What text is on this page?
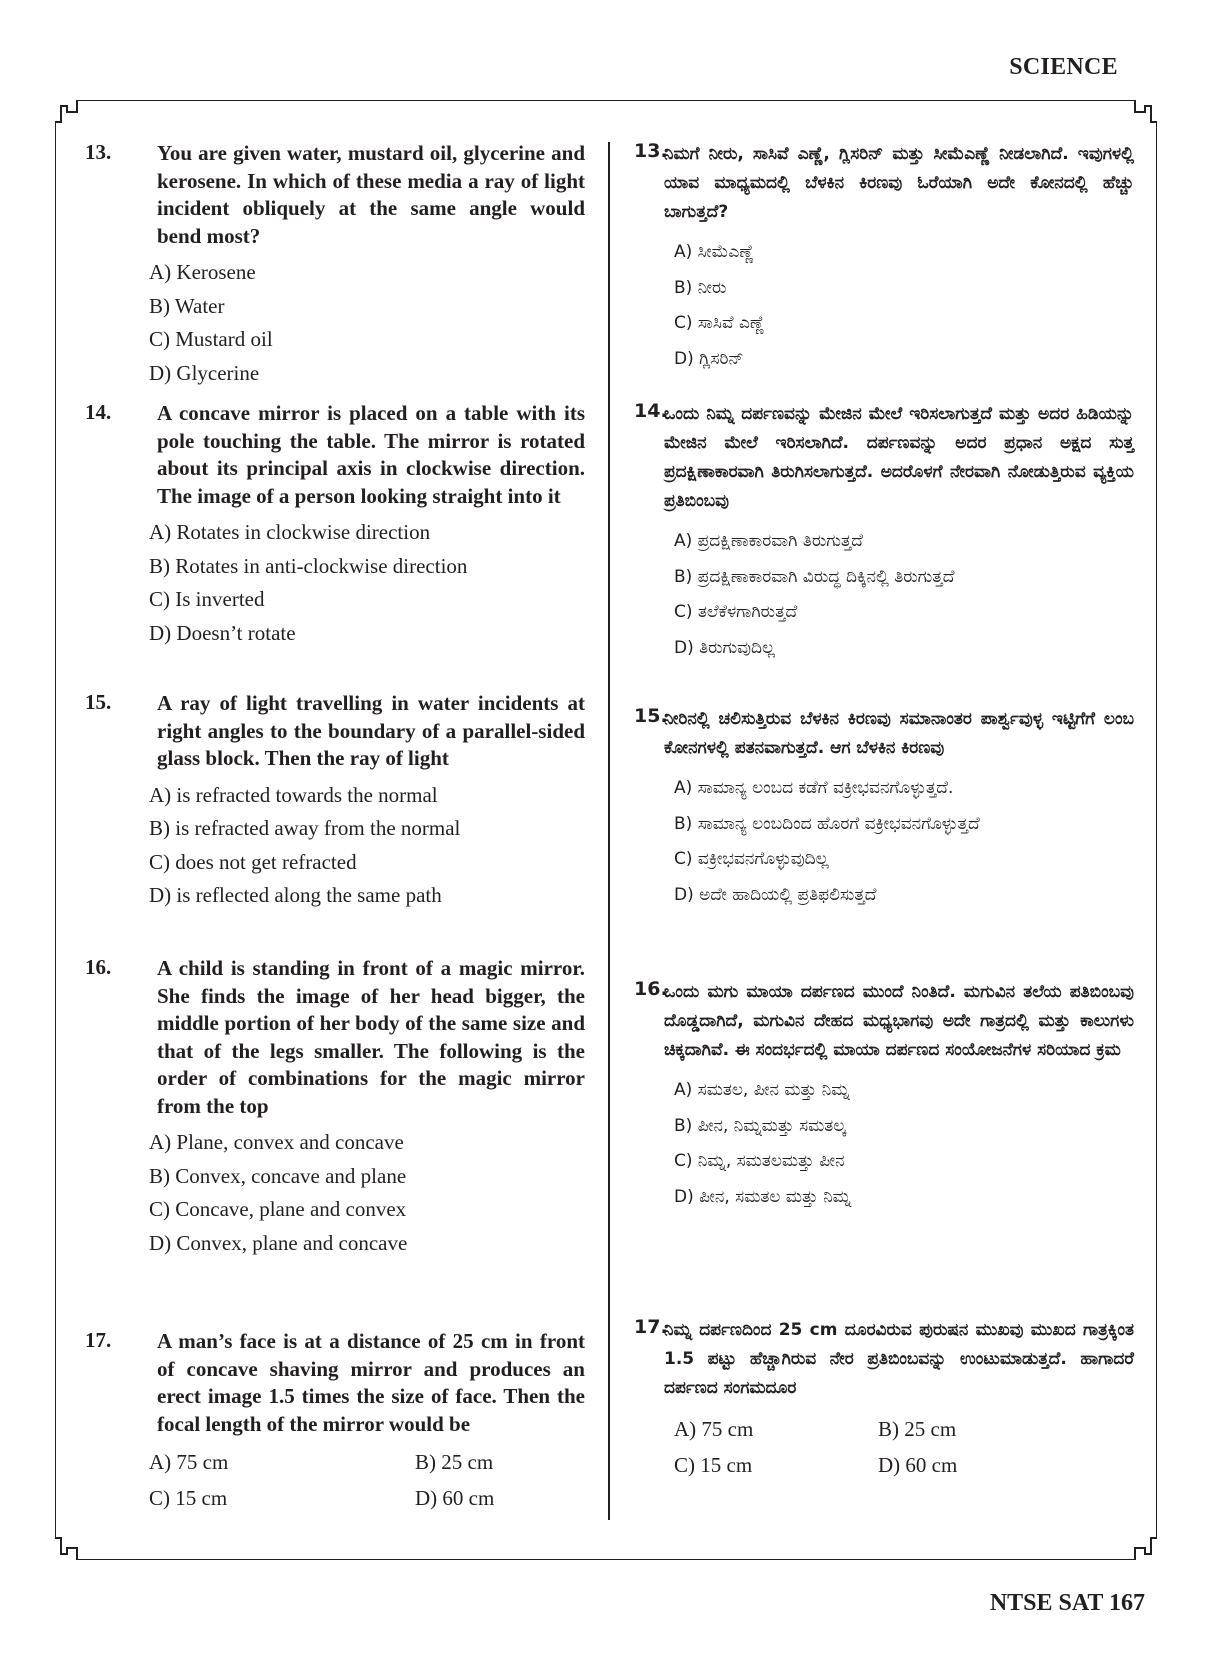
SCIENCE
13. You are given water, mustard oil, glycerine and kerosene. In which of these media a ray of light incident obliquely at the same angle would bend most?
A) Kerosene
B) Water
C) Mustard oil
D) Glycerine
14. A concave mirror is placed on a table with its pole touching the table. The mirror is rotated about its principal axis in clockwise direction. The image of a person looking straight into it
A) Rotates in clockwise direction
B) Rotates in anti-clockwise direction
C) Is inverted
D) Doesn’t rotate
15. A ray of light travelling in water incidents at right angles to the boundary of a parallel-sided glass block. Then the ray of light
A) is refracted towards the normal
B) is refracted away from the normal
C) does not get refracted
D) is reflected along the same path
16. A child is standing in front of a magic mirror. She finds the image of her head bigger, the middle portion of her body of the same size and that of the legs smaller. The following is the order of combinations for the magic mirror from the top
A) Plane, convex and concave
B) Convex, concave and plane
C) Concave, plane and convex
D) Convex, plane and concave
17. A man’s face is at a distance of 25 cm in front of concave shaving mirror and produces an erect image 1.5 times the size of face. Then the focal length of the mirror would be
A) 75 cm	B) 25 cm
C) 15 cm	D) 60 cm
13.
ನಿಮಗೆ ನೀರು, ಸಾಸಿವೆ ಎಣ್ಣೆ, ಗ್ಲಿಸರಿನ್ ಮತ್ತು ಸೀಮೆಎಣ್ಣೆ ನೀಡಲಾಗಿದೆ. ಇವುಗಳಲ್ಲಿ ಯಾವ ಮಾಧ್ಯಮದಲ್ಲಿ ಬೆಳಕಿನ ಕಿರಣವು ಓರೆಯಾಗಿ ಅದೇ ಕೋನದಲ್ಲಿ ಹೆಚ್ಚು ಬಾಗುತ್ತದೆ?
A) ಸೀಮೆಎಣ್ಣೆ
B) ನೀರು
C) ಸಾಸಿವೆ ಎಣ್ಣೆ
D) ಗ್ಲಿಸರಿನ್
14.
ಒಂದು ನಿಮ್ನ ದರ್ಪಣವನ್ನು ಮೇಜಿನ ಮೇಲೆ ಇರಿಸಲಾಗುತ್ತದೆ ಮತ್ತು ಅದರ ಹಿಡಿಯನ್ನು ಮೇಜಿನ ಮೇಲೆ ಇರಿಸಲಾಗಿದೆ. ದರ್ಪಣವನ್ನು ಅದರ ಪ್ರಧಾನ ಅಕ್ಷದ ಸುತ್ತ ಪ್ರದಕ್ಷಿಣಾಕಾರವಾಗಿ ತಿರುಗಿಸಲಾಗುತ್ತದೆ. ಅದರೊಳಗೆ ನೇರವಾಗಿ ನೋಡುತ್ತಿರುವ ವ್ಯಕ್ತಿಯ ಪ್ರತಿಬಿಂಬವು
A) ಪ್ರದಕ್ಷಿಣಾಕಾರವಾಗಿ ತಿರುಗುತ್ತದೆ
B) ಪ್ರದಕ್ಷಿಣಾಕಾರವಾಗಿ ವಿರುದ್ಧ ದಿಕ್ಕಿನಲ್ಲಿ ತಿರುಗುತ್ತದೆ
C) ತಲೆಕೆಳಗಾಗಿರುತ್ತದೆ
D) ತಿರುಗುವುದಿಲ್ಲ
15.
ನೀರಿನಲ್ಲಿ ಚಲಿಸುತ್ತಿರುವ ಬೆಳಕಿನ ಕಿರಣವು ಸಮಾನಾಂತರ ಪಾರ್ಶ್ವವುಳ್ಳ ಇಟ್ಟಿಗೆಗೆ ಲಂಬ ಕೋನಗಳಲ್ಲಿ ಪತನವಾಗುತ್ತದೆ. ಆಗ ಬೆಳಕಿನ ಕಿರಣವು
A) ಸಾಮಾನ್ಯ ಲಂಬದ ಕಡೆಗೆ ವಕ್ರೀಭವನಗೊಳ್ಳುತ್ತದೆ.
B) ಸಾಮಾನ್ಯ ಲಂಬದಿಂದ ಹೊರಗೆ ವಕ್ರೀಭವನಗೊಳ್ಳುತ್ತದೆ
C) ವಕ್ರೀಭವನಗೊಳ್ಳುವುದಿಲ್ಲ
D) ಅದೇ ಹಾದಿಯಲ್ಲಿ ಪ್ರತಿಫಲಿಸುತ್ತದೆ
16.
ಒಂದು ಮಗು ಮಾಯಾ ದರ್ಪಣದ ಮುಂದೆ ನಿಂತಿದೆ. ಮಗುವಿನ ತಲೆಯ ಪತಿಬಿಂಬವು ದೊಡ್ಡದಾಗಿದೆ, ಮಗುವಿನ ದೇಹದ ಮಧ್ಯಭಾಗವು ಅದೇ ಗಾತ್ರದಲ್ಲಿ ಮತ್ತು ಕಾಲುಗಳು ಚಿಕ್ಕದಾಗಿವೆ. ಈ ಸಂದರ್ಭದಲ್ಲಿ ಮಾಯಾ ದರ್ಪಣದ ಸಂಯೋಜನೆಗಳ ಸರಿಯಾದ ಕ್ರಮ
A) ಸಮತಲ, ಪೀನ ಮತ್ತು ನಿಮ್ನ
B) ಪೀನ, ನಿಮ್ನಮತ್ತು ಸಮತಲ್ಕ
C) ನಿಮ್ನ, ಸಮತಲಮತ್ತು ಪೀನ
D) ಪೀನ, ಸಮತಲ ಮತ್ತು ನಿಮ್ನ
17.
ನಿಮ್ನ ದರ್ಪಣದಿಂದ 25 cm ದೂರವಿರುವ ಪುರುಷನ ಮುಖವು ಮುಖದ ಗಾತ್ರಕ್ಕಿಂತ 1.5 ಪಟ್ಟು ಹೆಚ್ಚಾಗಿರುವ ನೇರ ಪ್ರತಿಬಿಂಬವನ್ನು ಉಂಟುಮಾಡುತ್ತದೆ. ಹಾಗಾದರೆ ದರ್ಪಣದ ಸಂಗಮದೂರ
A) 75 cm	B) 25 cm
C) 15 cm	D) 60 cm
NTSE SAT 167
